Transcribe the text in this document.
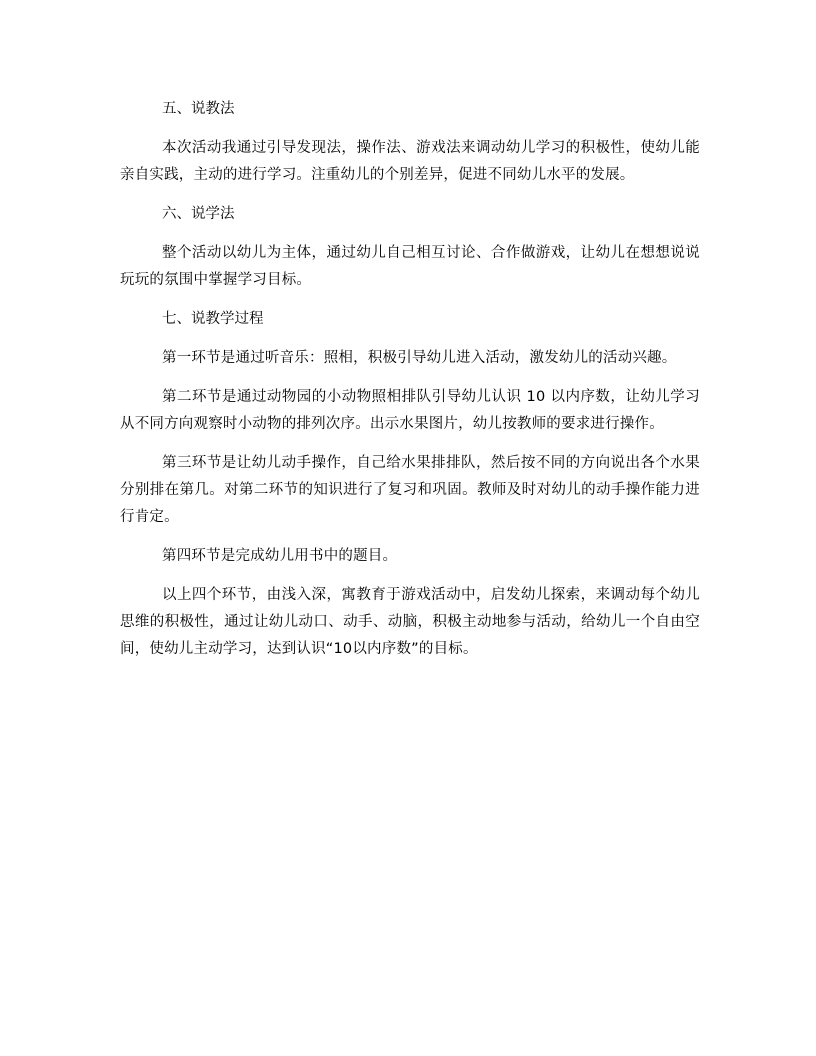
五、说教法

本次活动我通过引导发现法，操作法、游戏法来调动幼儿学习的积极性，使幼儿能亲自实践，主动的进行学习。注重幼儿的个别差异，促进不同幼儿水平的发展。

六、说学法

整个活动以幼儿为主体，通过幼儿自己相互讨论、合作做游戏，让幼儿在想想说说玩玩的氛围中掌握学习目标。

七、说教学过程

第一环节是通过听音乐：照相，积极引导幼儿进入活动，激发幼儿的活动兴趣。

第二环节是通过动物园的小动物照相排队引导幼儿认识 10 以内序数，让幼儿学习从不同方向观察时小动物的排列次序。出示水果图片，幼儿按教师的要求进行操作。

第三环节是让幼儿动手操作，自己给水果排排队，然后按不同的方向说出各个水果分别排在第几。对第二环节的知识进行了复习和巩固。教师及时对幼儿的动手操作能力进行肯定。

第四环节是完成幼儿用书中的题目。

以上四个环节，由浅入深，寓教育于游戏活动中，启发幼儿探索，来调动每个幼儿思维的积极性，通过让幼儿动口、动手、动脑，积极主动地参与活动，给幼儿一个自由空间，使幼儿主动学习，达到认识“10以内序数”的目标。
